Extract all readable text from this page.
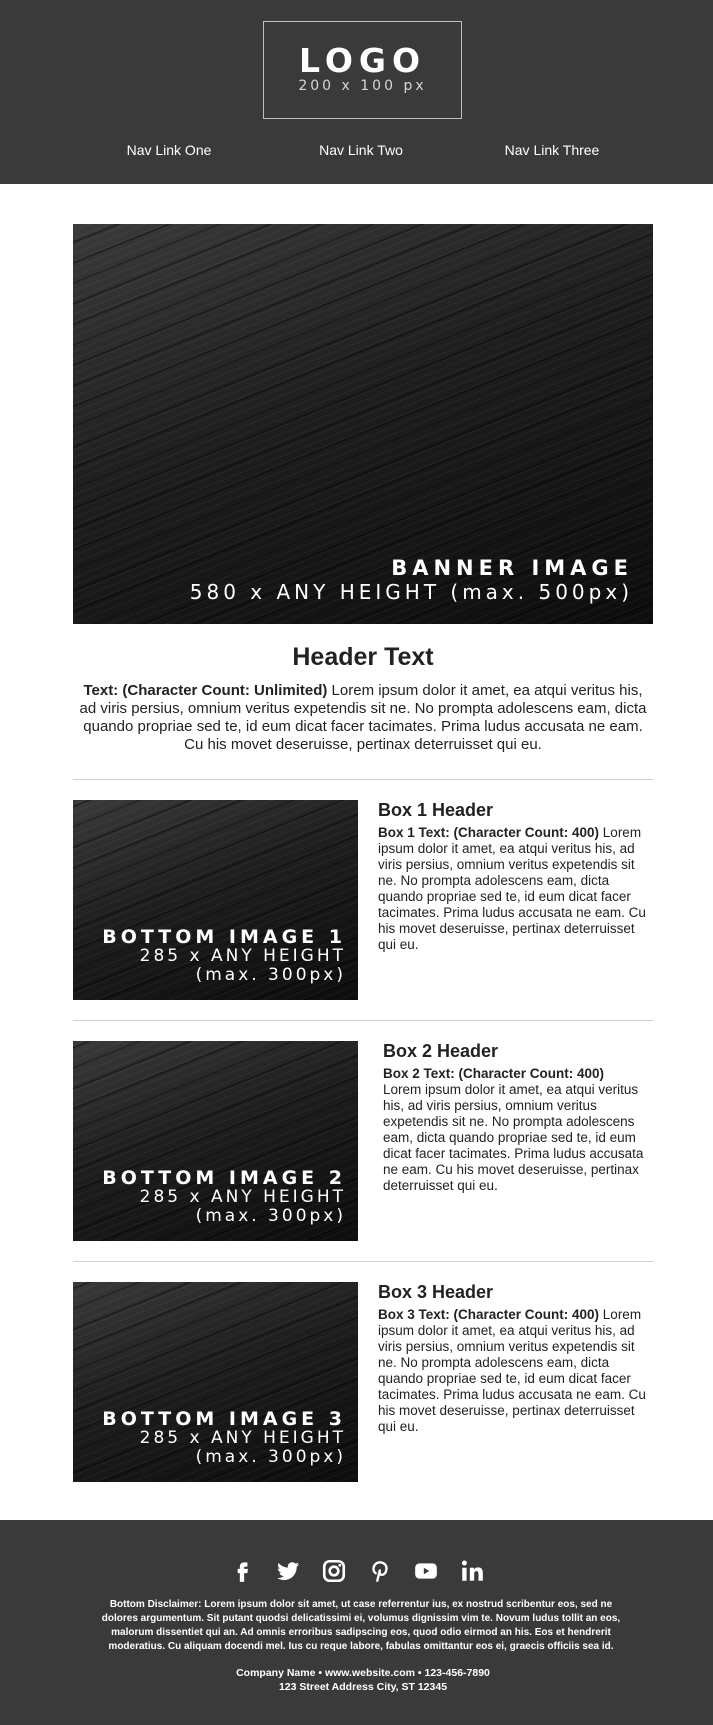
LOGO
200 x 100 px
Nav Link One	Nav Link Two	Nav Link Three
BANNER IMAGE
580 x ANY HEIGHT (max. 500px)
Header Text
Text: (Character Count: Unlimited) Lorem ipsum dolor it amet, ea atqui veritus his, ad viris persius, omnium veritus expetendis sit ne. No prompta adolescens eam, dicta quando propriae sed te, id eum dicat facer tacimates. Prima ludus accusata ne eam. Cu his movet deseruisse, pertinax deterruisset qui eu.
BOTTOM IMAGE 1
285 x ANY HEIGHT
(max. 300px)
Box 1 Header
Box 1 Text: (Character Count: 400) Lorem ipsum dolor it amet, ea atqui veritus his, ad viris persius, omnium veritus expetendis sit ne. No prompta adolescens eam, dicta quando propriae sed te, id eum dicat facer tacimates. Prima ludus accusata ne eam. Cu his movet deseruisse, pertinax deterruisset qui eu.
BOTTOM IMAGE 2
285 x ANY HEIGHT
(max. 300px)
Box 2 Header
Box 2 Text: (Character Count: 400)
Lorem ipsum dolor it amet, ea atqui veritus his, ad viris persius, omnium veritus expetendis sit ne. No prompta adolescens eam, dicta quando propriae sed te, id eum dicat facer tacimates. Prima ludus accusata ne eam. Cu his movet deseruisse, pertinax deterruisset qui eu.
BOTTOM IMAGE 3
285 x ANY HEIGHT
(max. 300px)
Box 3 Header
Box 3 Text: (Character Count: 400) Lorem ipsum dolor it amet, ea atqui veritus his, ad viris persius, omnium veritus expetendis sit ne. No prompta adolescens eam, dicta quando propriae sed te, id eum dicat facer tacimates. Prima ludus accusata ne eam. Cu his movet deseruisse, pertinax deterruisset qui eu.
Bottom Disclaimer: Lorem ipsum dolor sit amet, ut case referrentur ius, ex nostrud scribentur eos, sed ne dolores argumentum. Sit putant quodsi delicatissimi ei, volumus dignissim vim te. Novum ludus tollit an eos, malorum dissentiet qui an. Ad omnis erroribus sadipscing eos, quod odio eirmod an his. Eos et hendrerit moderatius. Cu aliquam docendi mel. Ius cu reque labore, fabulas omittantur eos ei, graecis officiis sea id.
Company Name • www.website.com • 123-456-7890
123 Street Address City, ST 12345
